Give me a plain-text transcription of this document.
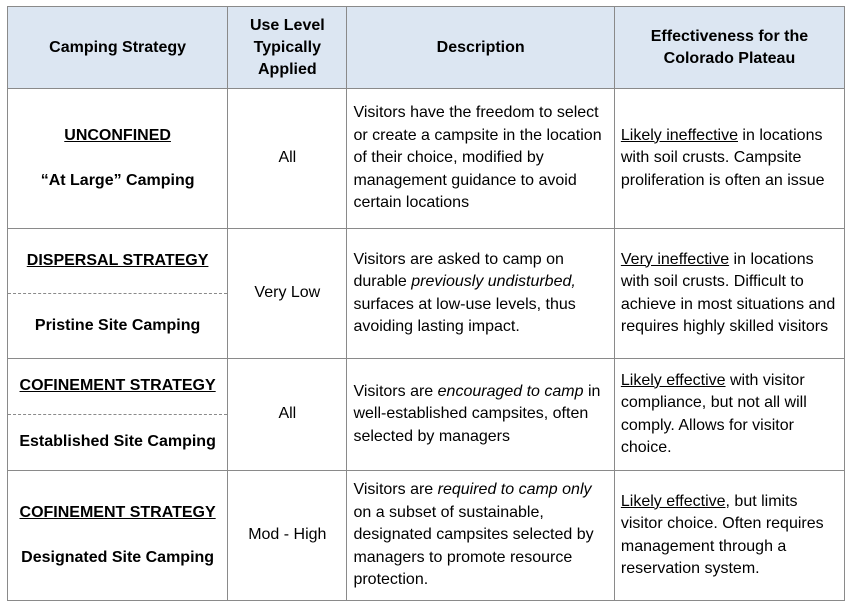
Camping Strategy	Use Level Typically Applied	Description	Effectiveness for the Colorado Plateau

UNCONFINED
“At Large” Camping	All	Visitors have the freedom to select or create a campsite in the location of their choice, modified by management guidance to avoid certain locations	Likely ineffective in locations with soil crusts. Campsite proliferation is often an issue

DISPERSAL STRATEGY
Pristine Site Camping	Very Low	Visitors are asked to camp on durable previously undisturbed, surfaces at low-use levels, thus avoiding lasting impact.	Very ineffective in locations with soil crusts. Difficult to achieve in most situations and requires highly skilled visitors

COFINEMENT STRATEGY
Established Site Camping	All	Visitors are encouraged to camp in well-established campsites, often selected by managers	Likely effective with visitor compliance, but not all will comply. Allows for visitor choice.

COFINEMENT STRATEGY
Designated Site Camping	Mod - High	Visitors are required to camp only on a subset of sustainable, designated campsites selected by managers to promote resource protection.	Likely effective, but limits visitor choice. Often requires management through a reservation system.
